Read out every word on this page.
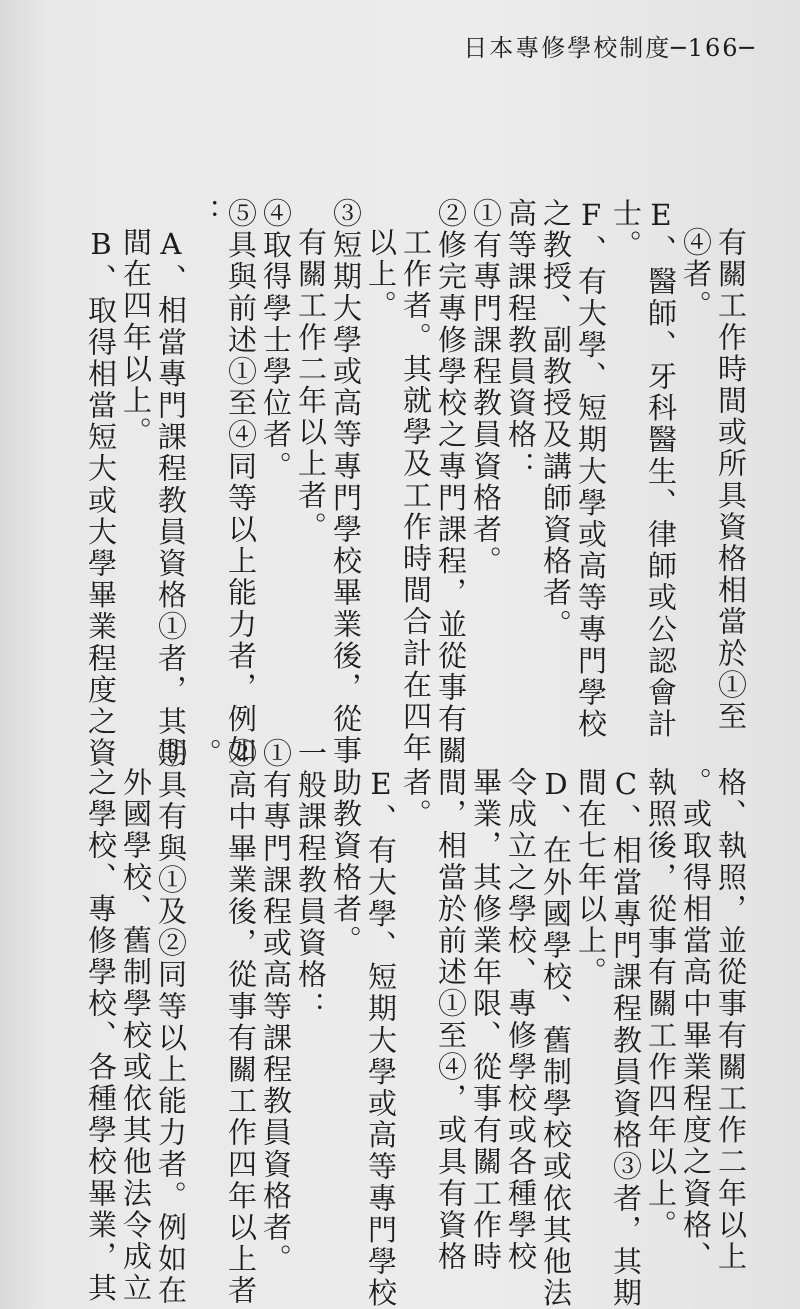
日本專修學校制度─166─
有關工作時間或所具資格相當於①至
④者。
E、醫師、牙科醫生、律師或公認會計
士。
F、有大學、短期大學或高等專門學校
之教授、副教授及講師資格者。
高等課程教員資格：
①有專門課程教員資格者。
②修完專修學校之專門課程，並從事有關
工作者。其就學及工作時間合計在四年
以上。
③短期大學或高等專門學校畢業後，從事
有關工作二年以上者。
④取得學士學位者。
⑤具與前述①至④同等以上能力者，例如
：
A、相當專門課程教員資格①者，其期
間在四年以上。
B、取得相當短大或大學畢業程度之資
格、執照，並從事有關工作二年以上
。或取得相當高中畢業程度之資格、
執照後，從事有關工作四年以上。
C、相當專門課程教員資格③者，其期
間在七年以上。
D、在外國學校、舊制學校或依其他法
令成立之學校、專修學校或各種學校
畢業，其修業年限、從事有關工作時
間，相當於前述①至④，或具有資格
者。
E、有大學、短期大學或高等專門學校
助教資格者。
一般課程教員資格：
①有專門課程或高等課程教員資格者。
②高中畢業後，從事有關工作四年以上者
。
③具有與①及②同等以上能力者。例如在
外國學校、舊制學校或依其他法令成立
之學校、專修學校、各種學校畢業，其
